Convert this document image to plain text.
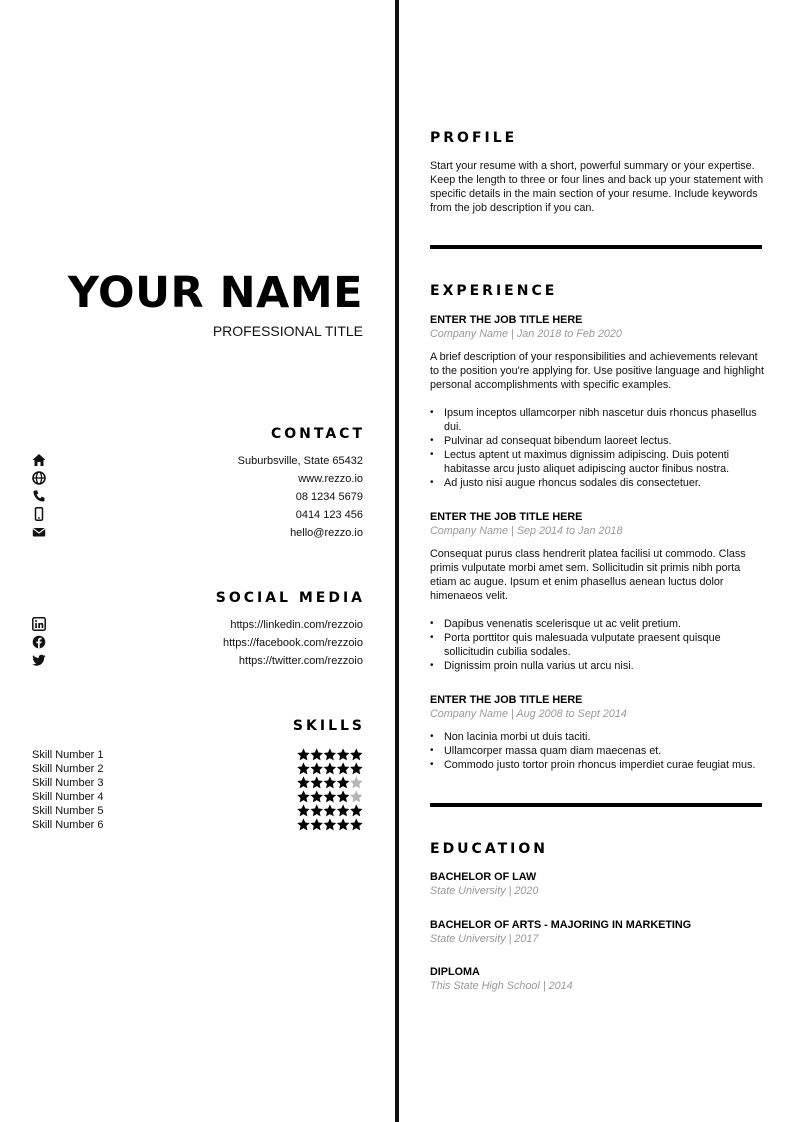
YOUR NAME
PROFESSIONAL TITLE
CONTACT
Suburbsville, State 65432
www.rezzo.io
08 1234 5679
0414 123 456
hello@rezzo.io
SOCIAL MEDIA
https://linkedin.com/rezzoio
https://facebook.com/rezzoio
https://twitter.com/rezzoio
SKILLS
Skill Number 1
Skill Number 2
Skill Number 3
Skill Number 4
Skill Number 5
Skill Number 6
PROFILE
Start your resume with a short, powerful summary or your expertise. Keep the length to three or four lines and back up your statement with specific details in the main section of your resume. Include keywords from the job description if you can.
EXPERIENCE
ENTER THE JOB TITLE HERE
Company Name | Jan 2018 to Feb 2020
A brief description of your responsibilities and achievements relevant to the position you're applying for. Use positive language and highlight personal accomplishments with specific examples.
• Ipsum inceptos ullamcorper nibh nascetur duis rhoncus phasellus dui.
• Pulvinar ad consequat bibendum laoreet lectus.
• Lectus aptent ut maximus dignissim adipiscing. Duis potenti habitasse arcu justo aliquet adipiscing auctor finibus nostra.
• Ad justo nisi augue rhoncus sodales dis consectetuer.
ENTER THE JOB TITLE HERE
Company Name | Sep 2014 to Jan 2018
Consequat purus class hendrerit platea facilisi ut commodo. Class primis vulputate morbi amet sem. Sollicitudin sit primis nibh porta etiam ac augue. Ipsum et enim phasellus aenean luctus dolor himenaeos velit.
• Dapibus venenatis scelerisque ut ac velit pretium.
• Porta porttitor quis malesuada vulputate praesent quisque sollicitudin cubilia sodales.
• Dignissim proin nulla varius ut arcu nisi.
ENTER THE JOB TITLE HERE
Company Name | Aug 2008 to Sept 2014
• Non lacinia morbi ut duis taciti.
• Ullamcorper massa quam diam maecenas et.
• Commodo justo tortor proin rhoncus imperdiet curae feugiat mus.
EDUCATION
BACHELOR OF LAW
State University | 2020
BACHELOR OF ARTS - MAJORING IN MARKETING
State University | 2017
DIPLOMA
This State High School | 2014
